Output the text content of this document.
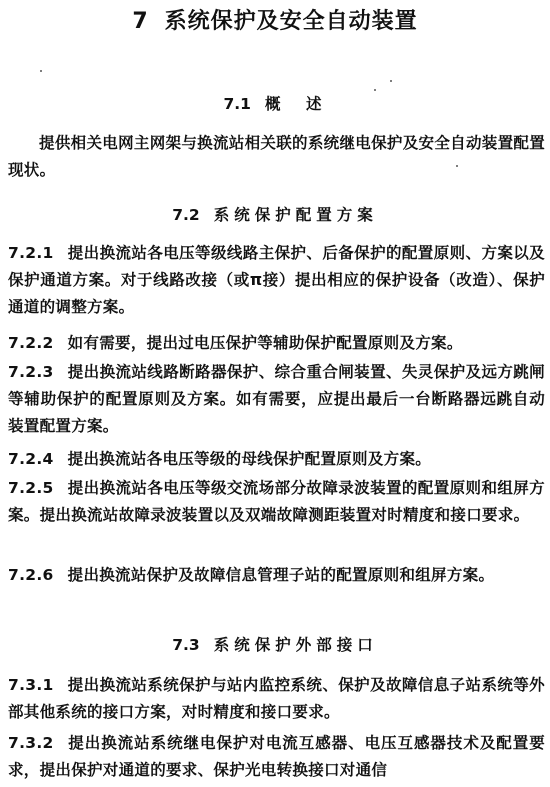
7 系统保护及安全自动装置
7.1 概　述
提供相关电网主网架与换流站相关联的系统继电保护及安全自动装置配置现状。
7.2 系统保护配置方案
7.2.1 提出换流站各电压等级线路主保护、后备保护的配置原则、方案以及保护通道方案。对于线路改接（或π接）提出相应的保护设备（改造）、保护通道的调整方案。
7.2.2 如有需要，提出过电压保护等辅助保护配置原则及方案。
7.2.3 提出换流站线路断路器保护、综合重合闸装置、失灵保护及远方跳闸等辅助保护的配置原则及方案。如有需要，应提出最后一台断路器远跳自动装置配置方案。
7.2.4 提出换流站各电压等级的母线保护配置原则及方案。
7.2.5 提出换流站各电压等级交流场部分故障录波装置的配置原则和组屏方案。提出换流站故障录波装置以及双端故障测距装置对时精度和接口要求。
7.2.6 提出换流站保护及故障信息管理子站的配置原则和组屏方案。
7.3 系统保护外部接口
7.3.1 提出换流站系统保护与站内监控系统、保护及故障信息子站系统等外部其他系统的接口方案，对时精度和接口要求。
7.3.2 提出换流站系统继电保护对电流互感器、电压互感器技术及配置要求，提出保护对通道的要求、保护光电转换接口对通信
